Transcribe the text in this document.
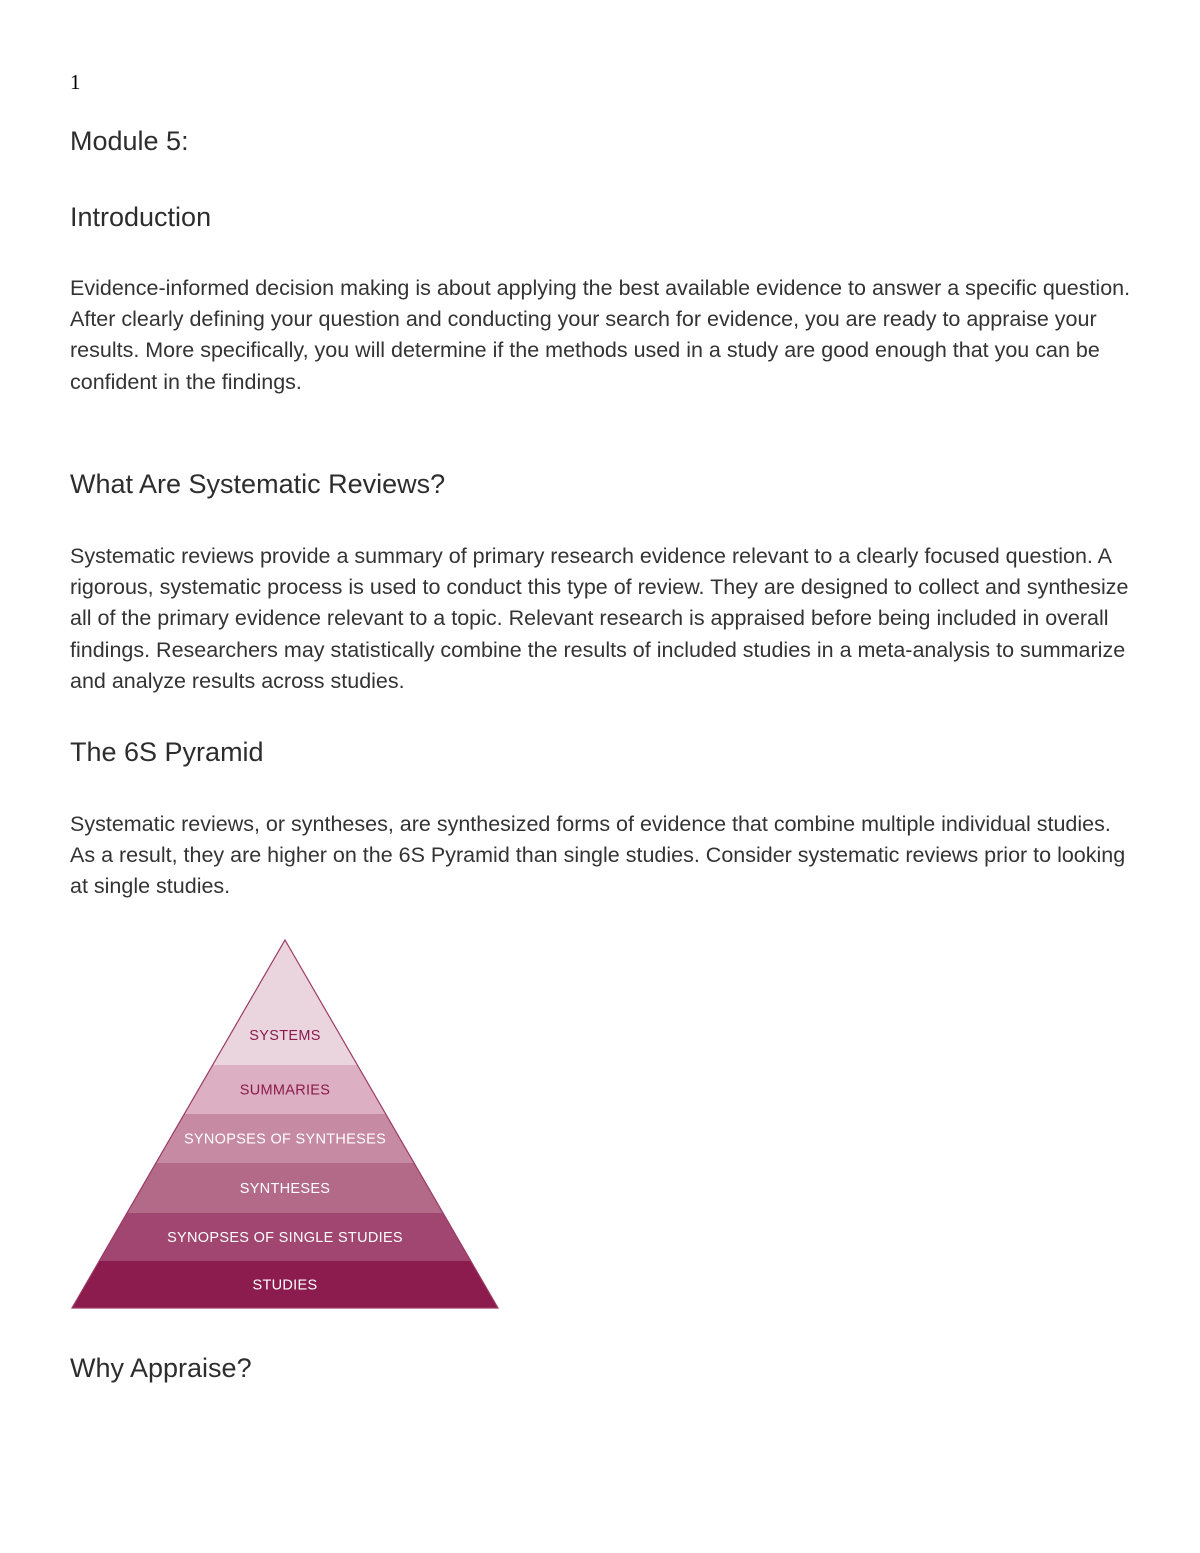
1
Module 5:
Introduction

Evidence-informed decision making is about applying the best available evidence to answer a specific question. After clearly defining your question and conducting your search for evidence, you are ready to appraise your results. More specifically, you will determine if the methods used in a study are good enough that you can be confident in the findings.

What Are Systematic Reviews?

Systematic reviews provide a summary of primary research evidence relevant to a clearly focused question. A rigorous, systematic process is used to conduct this type of review. They are designed to collect and synthesize all of the primary evidence relevant to a topic. Relevant research is appraised before being included in overall findings. Researchers may statistically combine the results of included studies in a meta-analysis to summarize and analyze results across studies.

The 6S Pyramid

Systematic reviews, or syntheses, are synthesized forms of evidence that combine multiple individual studies. As a result, they are higher on the 6S Pyramid than single studies. Consider systematic reviews prior to looking at single studies.

SYSTEMS
SUMMARIES
SYNOPSES OF SYNTHESES
SYNTHESES
SYNOPSES OF SINGLE STUDIES
STUDIES
Why Appraise?
